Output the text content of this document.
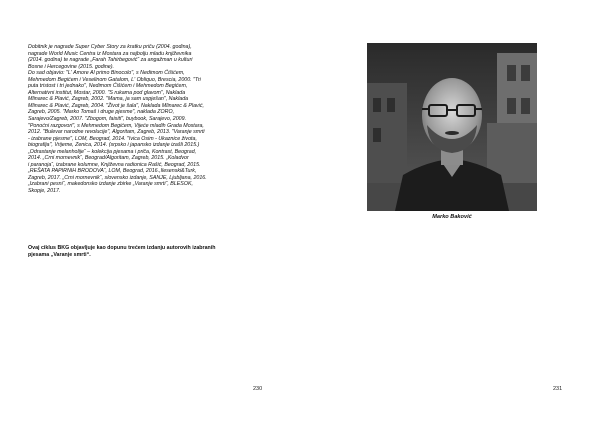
Dobitnik je nagrade Super Cyber Story za kratku priču (2004. godina),

nagrade World Music Centra iz Mostara za najbolju mladu književnika

(2014. godina) te nagrade „Farah Tahirbegović“ za angažman u kulturi

Bosne i Hercegovine (2015. godine).

Do sad objavio: "L' Amore Al primo Binocolo", s Nedimom Ćišićem,

Mehmedom Begićem i Veselinom Gatalom, L' Obliquo, Brescia, 2000. "Tri

puta tristost i tri jednako", Nedimom Ćišićem i Mehmedom Begićem,

Alternativni institut, Mostar, 2000. "S rukama pod glavom", Naklada

Mlinarec & Plavić, Zagreb, 2002. "Mama, ja sam uspješan", Naklada

Mlinarec & Plavić, Zagreb, 2004. "Život je šala", Naklada Mlinarec & Plavić,

Zagreb, 2005. "Marko Tomaš i druge pjesme", naklada ZORO,

Sarajevo/Zagreb, 2007. "Zbogom, faisiti", buybook, Sarajevo, 2009.

"Ponoćni razgovori", s Mehmedom Begićem, Vijeće mladih Grada Mostara,

2012. "Bulevar narodne revolucije", Algoritam, Zagreb, 2013. "Varanje smrti

- izabrane pjesme", LOM, Beograd, 2014. "Ivica Osim - Ukaznice života,

biografija", Vrijeme, Zenica, 2014. (srpsko i japansko izdanje izašli 2015.)

„Odrastanje melanholije“ – kolekcija pjesama i priča, Kontrast, Beograd,

2014. „Crni mornevnik“, Beograd/Algoritam, Zagreb, 2015. „Koladvor

i paranoja“, izabrane kolumne, Književna radionica Rašić, Beograd, 2015.

„REŠATA PAPIRNIH BRODOVA“, LOM, Beograd, 2016.,Ilesenski&Turk,

Zagreb, 2017. „Crni mornevnik“, slovensko izdanje, SANJE, Ljubljana, 2016.

„Izabrani pesni“, makedonsko izdanje zbirke „Varanje smrti“, BLESOK,

Skopje, 2017.

Ovaj ciklus BKG objavljuje kao dopunu trećem izdanju autorovih izabranih

pjesama „Varanje smrti“.

230
Marko Baković
231
